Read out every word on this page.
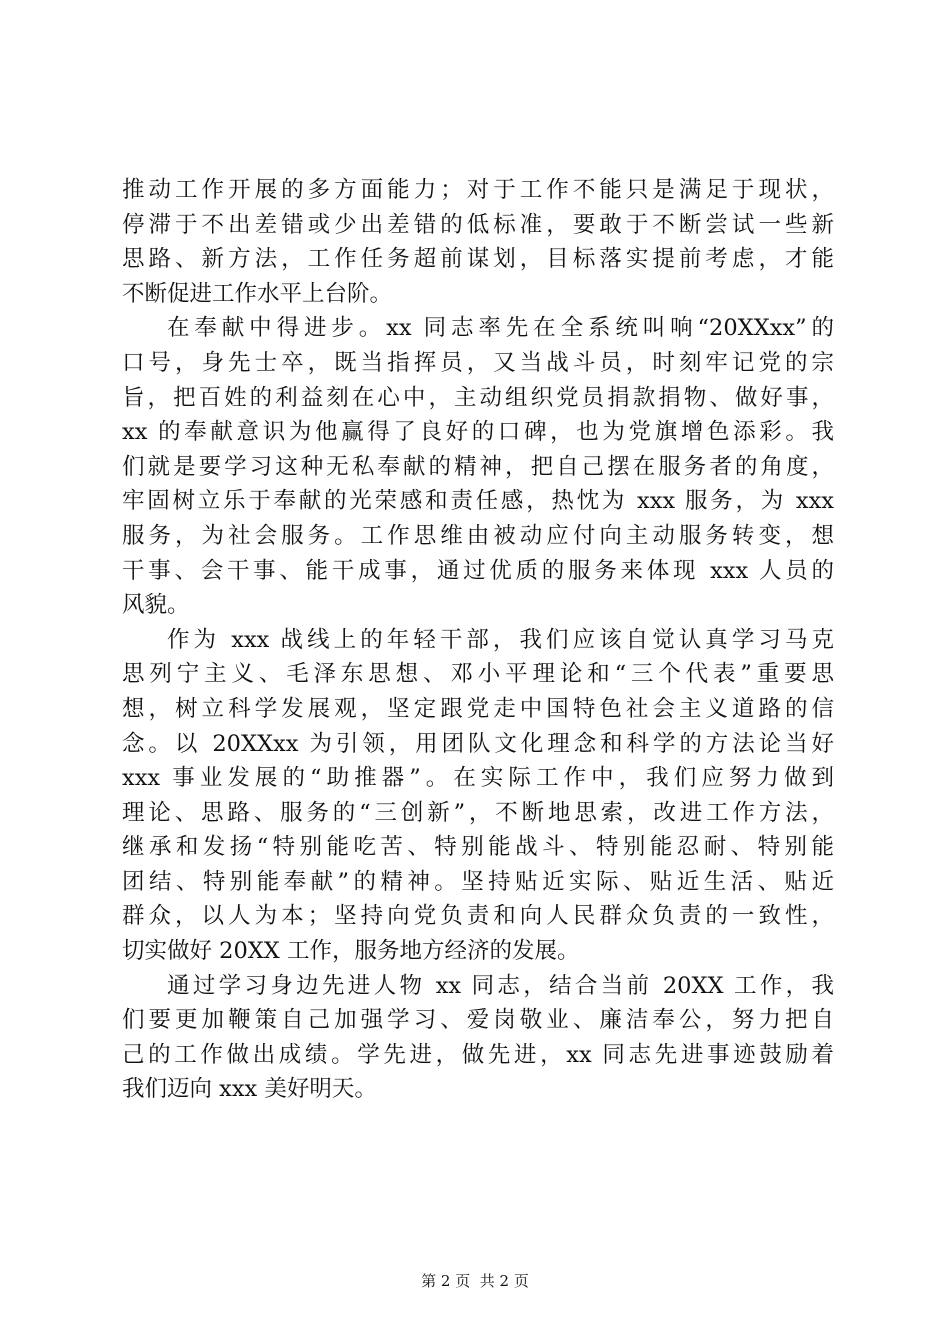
推动工作开展的多方面能力；对于工作不能只是满足于现状，
停滞于不出差错或少出差错的低标准，要敢于不断尝试一些新
思路、新方法，工作任务超前谋划，目标落实提前考虑，才能
不断促进工作水平上台阶。
在奉献中得进步。xx 同志率先在全系统叫响“20XXxx”的
口号，身先士卒，既当指挥员，又当战斗员，时刻牢记党的宗
旨，把百姓的利益刻在心中，主动组织党员捐款捐物、做好事，
xx 的奉献意识为他赢得了良好的口碑，也为党旗增色添彩。我
们就是要学习这种无私奉献的精神，把自己摆在服务者的角度，
牢固树立乐于奉献的光荣感和责任感，热忱为 xxx 服务，为 xxx
服务，为社会服务。工作思维由被动应付向主动服务转变，想
干事、会干事、能干成事，通过优质的服务来体现 xxx 人员的
风貌。
作为 xxx 战线上的年轻干部，我们应该自觉认真学习马克
思列宁主义、毛泽东思想、邓小平理论和“三个代表”重要思
想，树立科学发展观，坚定跟党走中国特色社会主义道路的信
念。以 20XXxx 为引领，用团队文化理念和科学的方法论当好
xxx 事业发展的“助推器”。在实际工作中，我们应努力做到
理论、思路、服务的“三创新”，不断地思索，改进工作方法，
继承和发扬“特别能吃苦、特别能战斗、特别能忍耐、特别能
团结、特别能奉献”的精神。坚持贴近实际、贴近生活、贴近
群众，以人为本；坚持向党负责和向人民群众负责的一致性，
切实做好 20XX 工作，服务地方经济的发展。
通过学习身边先进人物 xx 同志，结合当前 20XX 工作，我
们要更加鞭策自己加强学习、爱岗敬业、廉洁奉公，努力把自
己的工作做出成绩。学先进，做先进，xx 同志先进事迹鼓励着
我们迈向 xxx 美好明天。
第 2 页 共 2 页
